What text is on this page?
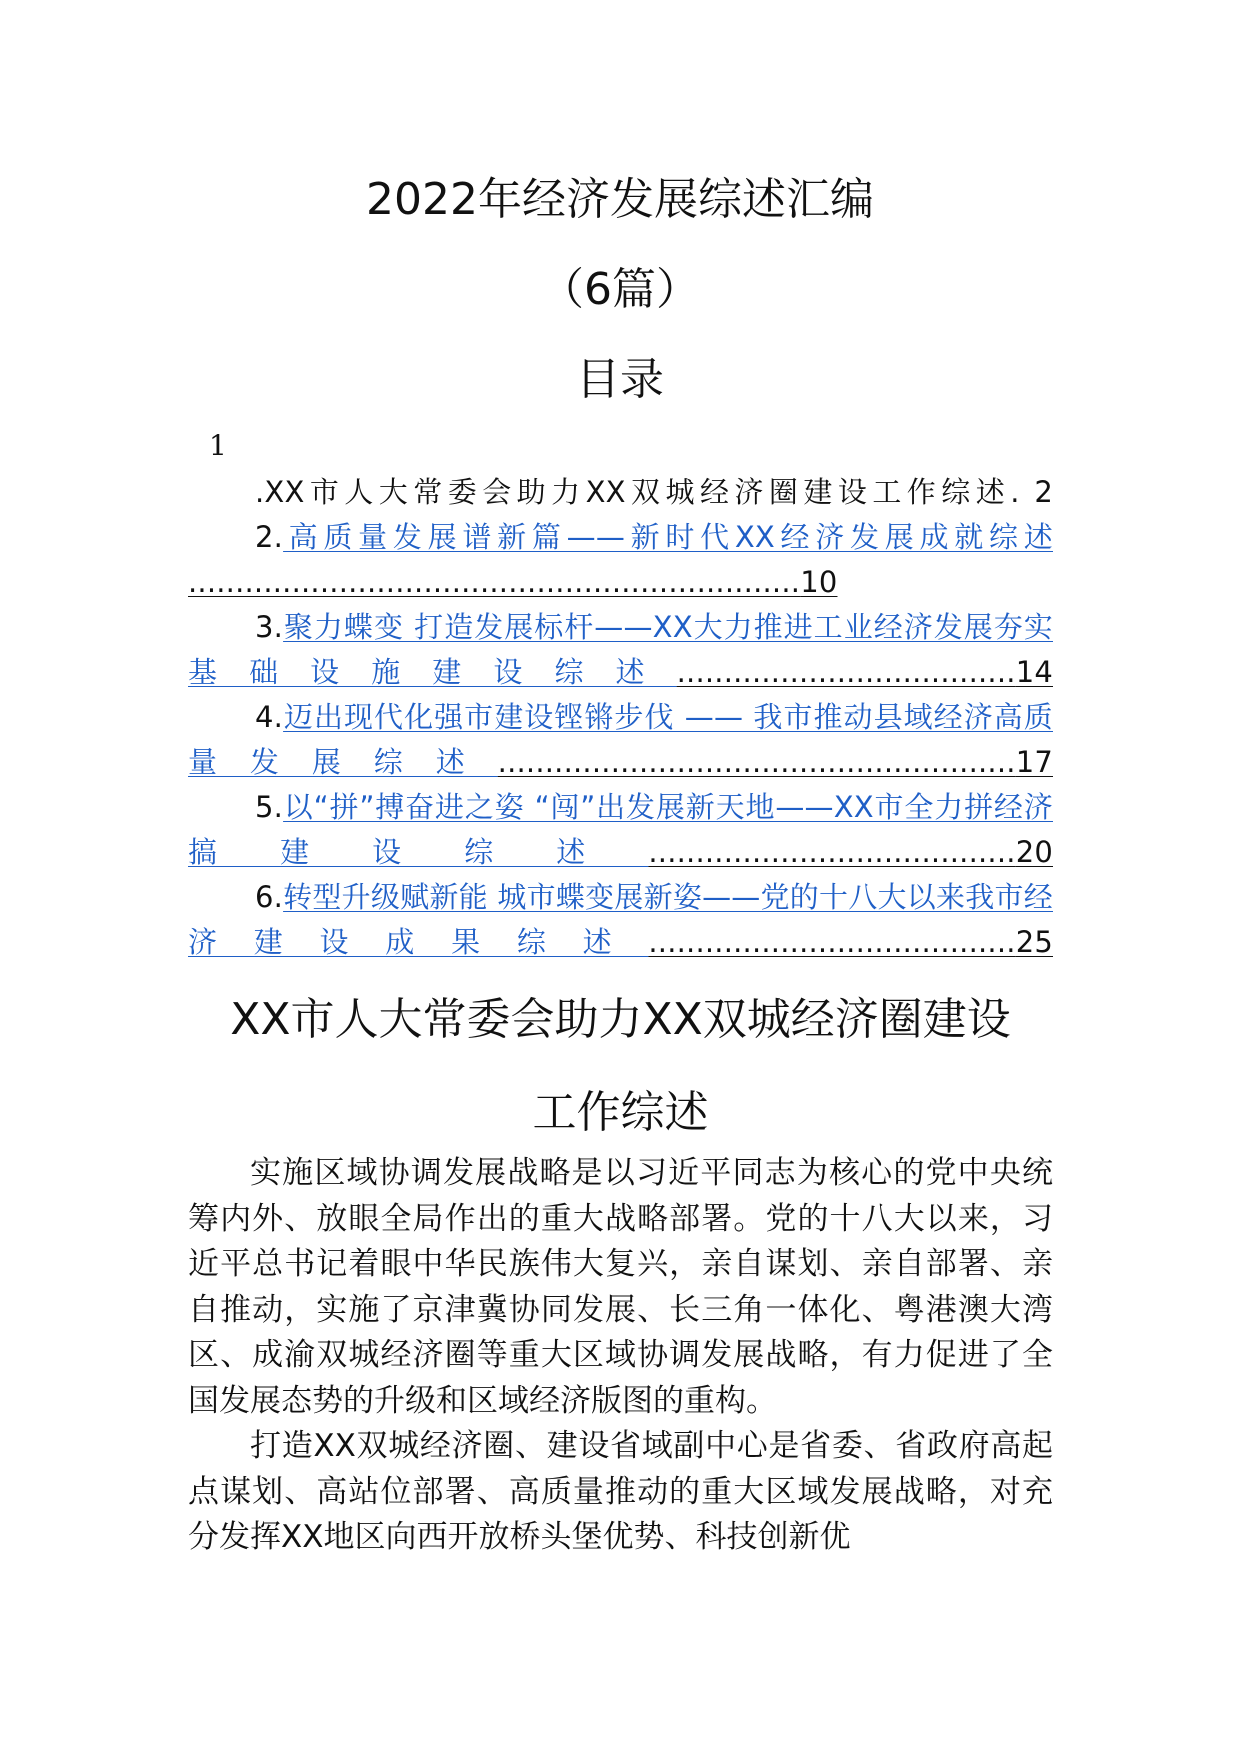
2022年经济发展综述汇编
（6篇）
目录
1
.XX市人大常委会助力XX双城经济圈建设工作综述. 2
2.高质量发展谱新篇——新时代XX经济发展成就综述
.................................................................10
3.聚力蝶变 打造发展标杆——XX大力推进工业经济发展夯实基础设施建设综述....................................14
4.迈出现代化强市建设铿锵步伐 —— 我市推动县域经济高质量发展综述.......................................................17
5.以“拼”搏奋进之姿 “闯”出发展新天地——XX市全力拼经济搞建设综述.......................................20
6.转型升级赋新能 城市蝶变展新姿——党的十八大以来我市经济建设成果综述.......................................25
XX市人大常委会助力XX双城经济圈建设
工作综述

实施区域协调发展战略是以习近平同志为核心的党中央统筹内外、放眼全局作出的重大战略部署。党的十八大以来，习近平总书记着眼中华民族伟大复兴，亲自谋划、亲自部署、亲自推动，实施了京津冀协同发展、长三角一体化、粤港澳大湾区、成渝双城经济圈等重大区域协调发展战略，有力促进了全国发展态势的升级和区域经济版图的重构。

打造XX双城经济圈、建设省域副中心是省委、省政府高起点谋划、高站位部署、高质量推动的重大区域发展战略，对充分发挥XX地区向西开放桥头堡优势、科技创新优
